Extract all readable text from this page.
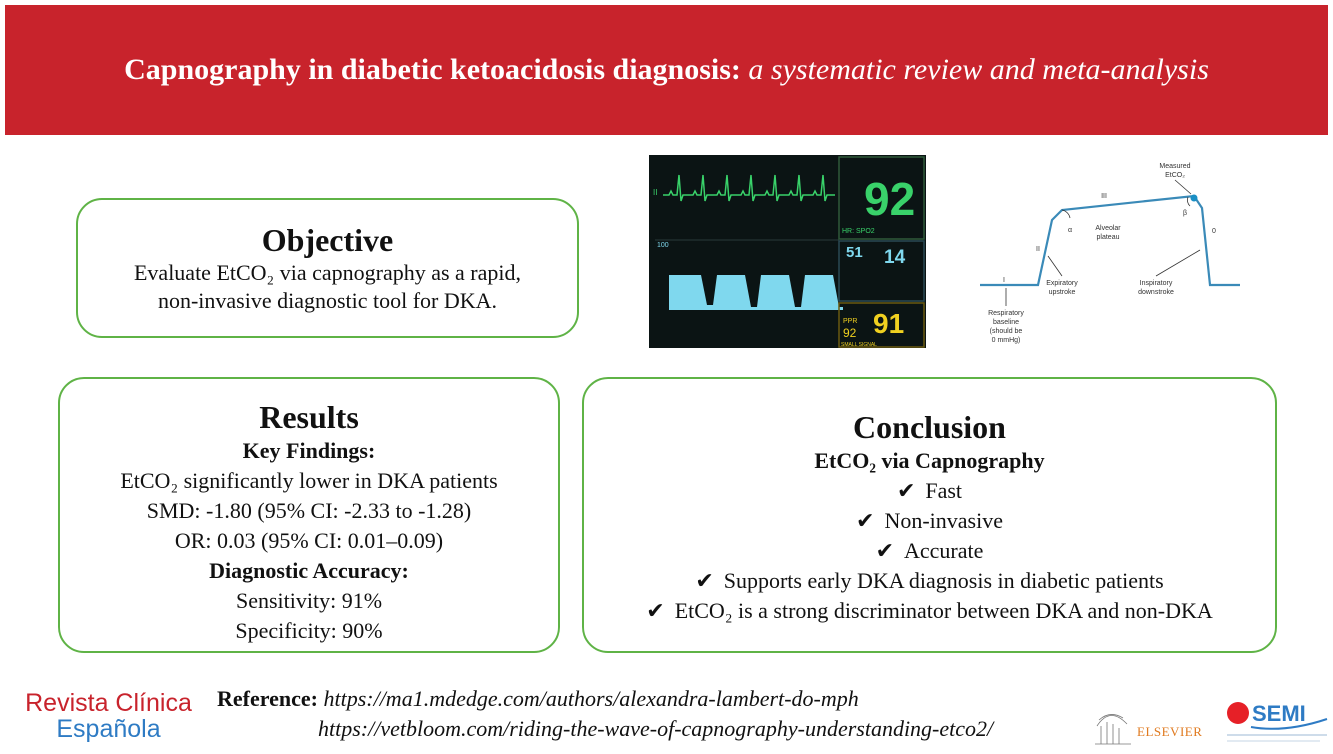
Capnography in diabetic ketoacidosis diagnosis: a systematic review and meta-analysis
Objective
Evaluate EtCO₂ via capnography as a rapid,
non-invasive diagnostic tool for DKA.
II
100
92
HR: SPO2
51 14
PPR
92 91
SMALL SIGNAL
Measured
EtCO₂
I
II
III
0
α
β
Alveolar
plateau
Expiratory
upstroke
Inspiratory
downstroke
Respiratory
baseline
(should be
0 mmHg)
Results
Key Findings:
EtCO₂ significantly lower in DKA patients
SMD: -1.80 (95% CI: -2.33 to -1.28)
OR: 0.03 (95% CI: 0.01–0.09)
Diagnostic Accuracy:
Sensitivity: 91%
Specificity: 90%
Conclusion
EtCO₂ via Capnography
✔ Fast
✔ Non-invasive
✔ Accurate
✔ Supports early DKA diagnosis in diabetic patients
✔ EtCO₂ is a strong discriminator between DKA and non-DKA
Revista Clínica
Española
Reference: https://ma1.mdedge.com/authors/alexandra-lambert-do-mph
https://vetbloom.com/riding-the-wave-of-capnography-understanding-etco2/	ELSEVIER
SEMI
